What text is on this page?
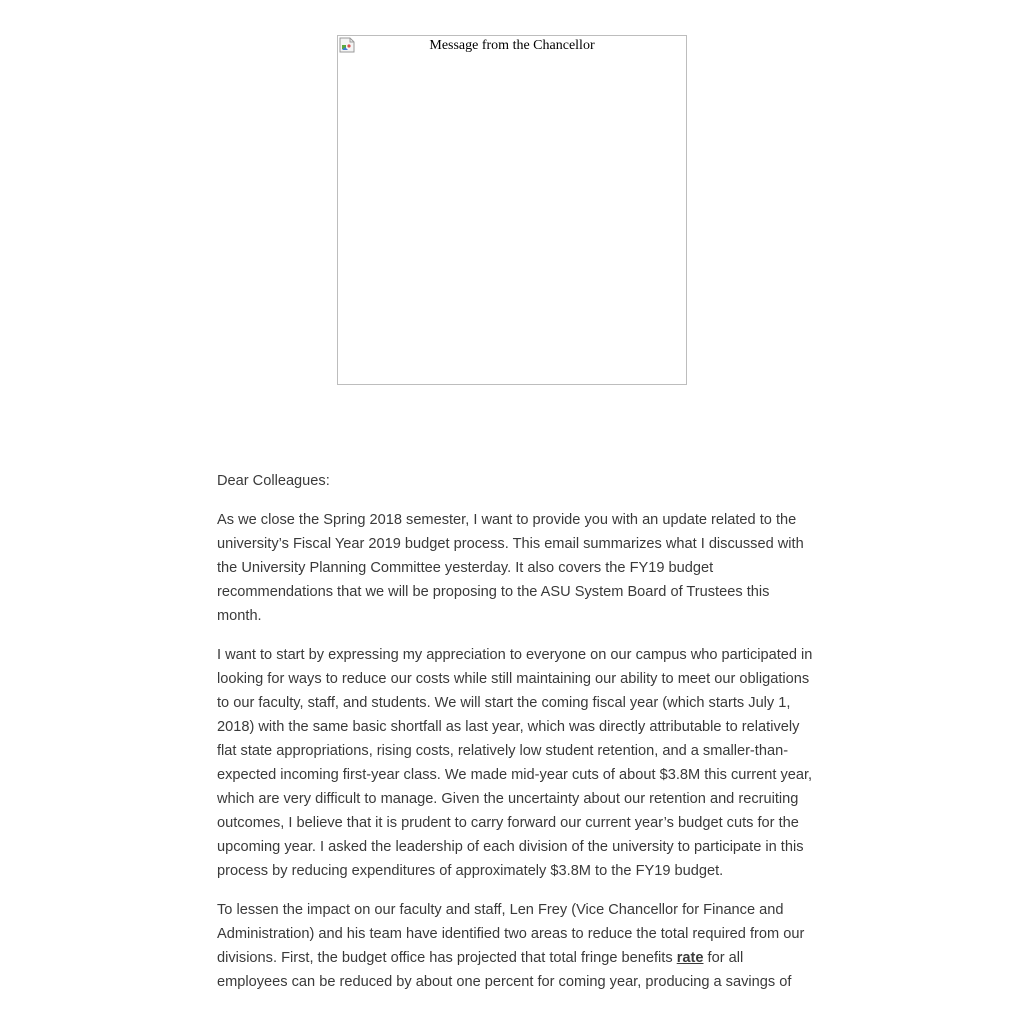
Message from the Chancellor

Dear Colleagues:

As we close the Spring 2018 semester, I want to provide you with an update related to the university’s Fiscal Year 2019 budget process. This email summarizes what I discussed with the University Planning Committee yesterday. It also covers the FY19 budget recommendations that we will be proposing to the ASU System Board of Trustees this month.

I want to start by expressing my appreciation to everyone on our campus who participated in looking for ways to reduce our costs while still maintaining our ability to meet our obligations to our faculty, staff, and students. We will start the coming fiscal year (which starts July 1, 2018) with the same basic shortfall as last year, which was directly attributable to relatively flat state appropriations, rising costs, relatively low student retention, and a smaller-than-expected incoming first-year class. We made mid-year cuts of about $3.8M this current year, which are very difficult to manage. Given the uncertainty about our retention and recruiting outcomes, I believe that it is prudent to carry forward our current year’s budget cuts for the upcoming year. I asked the leadership of each division of the university to participate in this process by reducing expenditures of approximately $3.8M to the FY19 budget.

To lessen the impact on our faculty and staff, Len Frey (Vice Chancellor for Finance and Administration) and his team have identified two areas to reduce the total required from our divisions. First, the budget office has projected that total fringe benefits rate for all employees can be reduced by about one percent for coming year, producing a savings of
